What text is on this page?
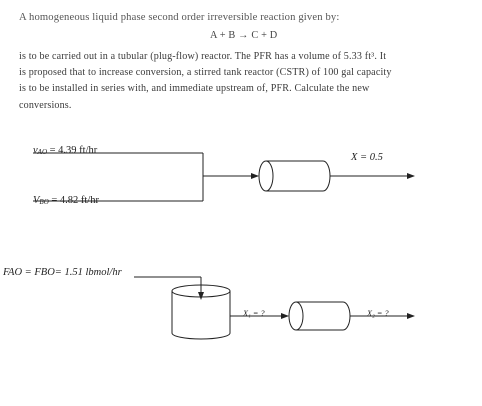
A homogeneous liquid phase second order irreversible reaction given by:
A + B → C + D
is to be carried out in a tubular (plug-flow) reactor. The PFR has a volume of 5.33 ft³. It
is proposed that to increase conversion, a stirred tank reactor (CSTR) of 100 gal capacity
is to be installed in series with, and immediate upstream of, PFR. Calculate the new
conversions.
$v_{AO} = 4.39$ ft/hr
$V_{BO} = 4.82$ ft/hr
X = 0.5
FAO = FBO= 1.51 lbmol/hr
X₁ = ?	X₂ = ?
